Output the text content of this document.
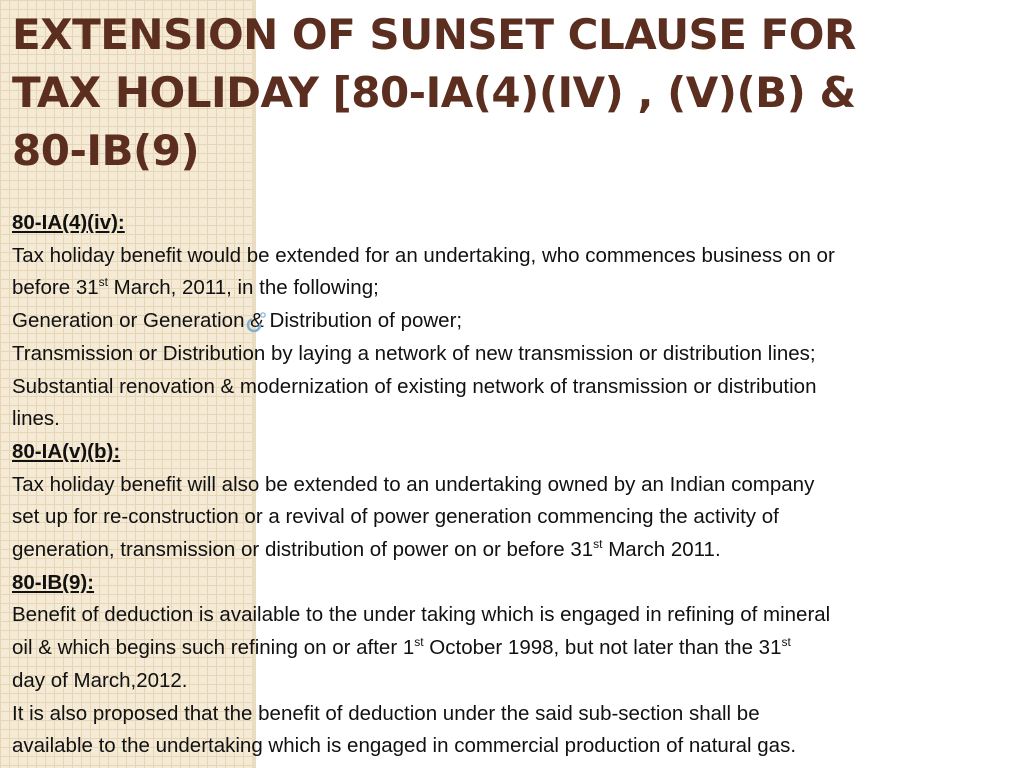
EXTENSION OF SUNSET CLAUSE FOR
TAX HOLIDAY [80-IA(4)(IV) , (V)(B) &
80-IB(9)
80-IA(4)(iv):
Tax holiday benefit would be extended for an undertaking, who commences business on or
before 31st March, 2011, in the following;
Generation or Generation & Distribution of power;
Transmission or Distribution by laying a network of new transmission or distribution lines;
Substantial renovation & modernization of existing network of transmission or distribution
lines.
80-IA(v)(b):
Tax holiday benefit will also be extended to an undertaking owned by an Indian company
set up for re-construction or a revival of power generation commencing the activity of
generation, transmission or distribution of power on or before 31st March 2011.
80-IB(9):
Benefit of deduction is available to the under taking which is engaged in refining of mineral
oil & which begins such refining on or after 1st October 1998, but not later than the 31st
day of March,2012.
It is also proposed that the benefit of deduction under the said sub-section shall be
available to the undertaking which is engaged in commercial production of natural gas.
